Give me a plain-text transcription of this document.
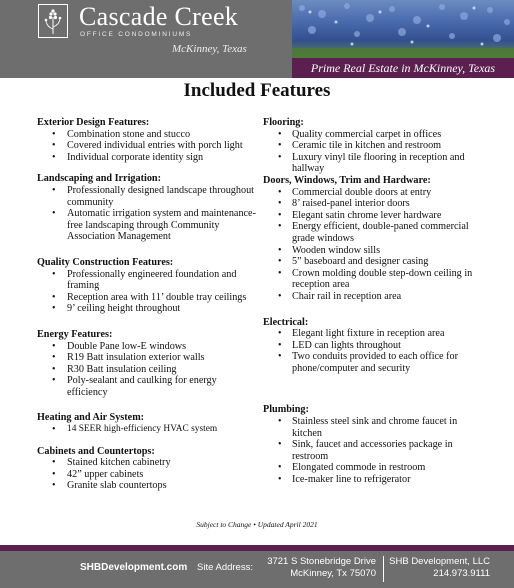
Cascade Creek
OFFICE CONDOMINIUMS
McKinney, Texas
Prime Real Estate in McKinney, Texas
Included Features

Exterior Design Features:

• Combination stone and stucco
• Covered individual entries with porch light
• Individual corporate identity sign

Landscaping and Irrigation:

• Professionally designed landscape throughout community
• Automatic irrigation system and maintenance-free landscaping through Community Association Management

Quality Construction Features:

• Professionally engineered foundation and framing
• Reception area with 11’ double tray ceilings
• 9’ ceiling height throughout

Energy Features:

• Double Pane low-E windows
• R19 Batt insulation exterior walls
• R30 Batt insulation ceiling
• Poly-sealant and caulking for energy efficiency

Heating and Air System:

• 14 SEER high-efficiency HVAC system

Cabinets and Countertops:

• Stained kitchen cabinetry
• 42” upper cabinets
• Granite slab countertops

Flooring:

• Quality commercial carpet in offices
• Ceramic tile in kitchen and restroom
• Luxury vinyl tile flooring in reception and hallway

Doors, Windows, Trim and Hardware:

• Commercial double doors at entry
• 8’ raised-panel interior doors
• Elegant satin chrome lever hardware
• Energy efficient, double-paned commercial grade windows
• Wooden window sills
• 5” baseboard and designer casing
• Crown molding double step-down ceiling in reception area
• Chair rail in reception area

Electrical:

• Elegant light fixture in reception area
• LED can lights throughout
• Two conduits provided to each office for phone/computer and security

Plumbing:

• Stainless steel sink and chrome faucet in kitchen
• Sink, faucet and accessories package in restroom
• Elongated commode in restroom
• Ice-maker line to refrigerator
Subject to Change • Updated April 2021
SHBDevelopment.com Site Address:
3721 S Stonebridge Drive
McKinney, Tx 75070
SHB Development, LLC
214.973.9111
